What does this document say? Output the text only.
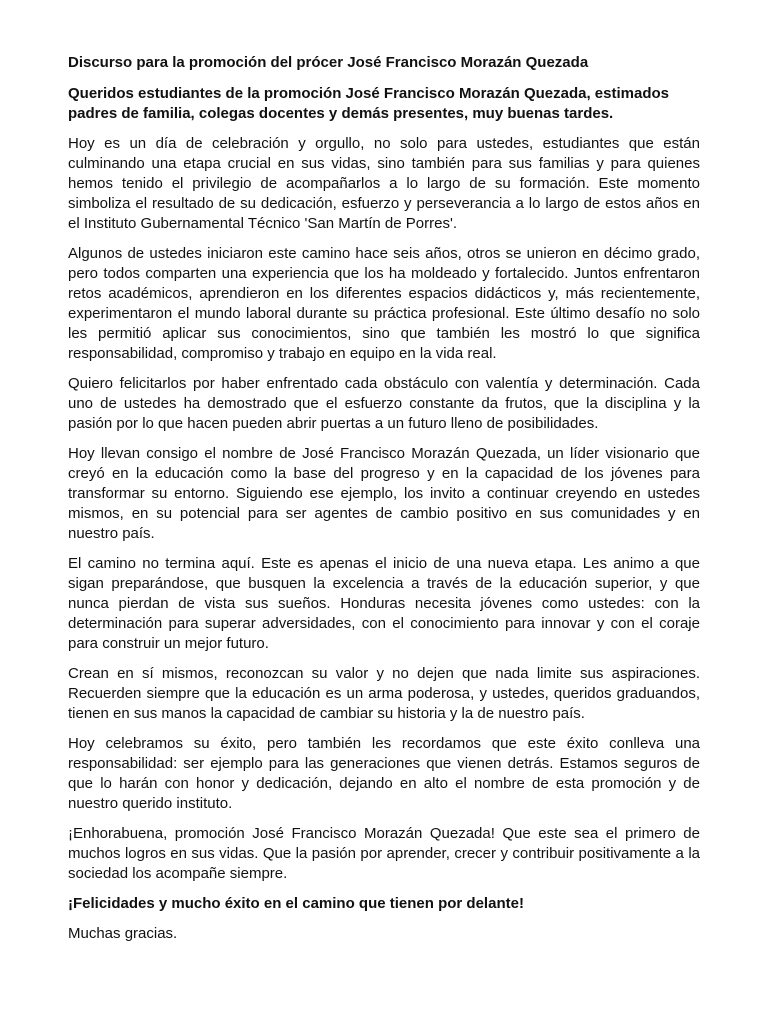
Discurso para la promoción del prócer José Francisco Morazán Quezada

Queridos estudiantes de la promoción José Francisco Morazán Quezada, estimados padres de familia, colegas docentes y demás presentes, muy buenas tardes.

Hoy es un día de celebración y orgullo, no solo para ustedes, estudiantes que están culminando una etapa crucial en sus vidas, sino también para sus familias y para quienes hemos tenido el privilegio de acompañarlos a lo largo de su formación. Este momento simboliza el resultado de su dedicación, esfuerzo y perseverancia a lo largo de estos años en el Instituto Gubernamental Técnico 'San Martín de Porres'.

Algunos de ustedes iniciaron este camino hace seis años, otros se unieron en décimo grado, pero todos comparten una experiencia que los ha moldeado y fortalecido. Juntos enfrentaron retos académicos, aprendieron en los diferentes espacios didácticos y, más recientemente, experimentaron el mundo laboral durante su práctica profesional. Este último desafío no solo les permitió aplicar sus conocimientos, sino que también les mostró lo que significa responsabilidad, compromiso y trabajo en equipo en la vida real.

Quiero felicitarlos por haber enfrentado cada obstáculo con valentía y determinación. Cada uno de ustedes ha demostrado que el esfuerzo constante da frutos, que la disciplina y la pasión por lo que hacen pueden abrir puertas a un futuro lleno de posibilidades.

Hoy llevan consigo el nombre de José Francisco Morazán Quezada, un líder visionario que creyó en la educación como la base del progreso y en la capacidad de los jóvenes para transformar su entorno. Siguiendo ese ejemplo, los invito a continuar creyendo en ustedes mismos, en su potencial para ser agentes de cambio positivo en sus comunidades y en nuestro país.

El camino no termina aquí. Este es apenas el inicio de una nueva etapa. Les animo a que sigan preparándose, que busquen la excelencia a través de la educación superior, y que nunca pierdan de vista sus sueños. Honduras necesita jóvenes como ustedes: con la determinación para superar adversidades, con el conocimiento para innovar y con el coraje para construir un mejor futuro.

Crean en sí mismos, reconozcan su valor y no dejen que nada limite sus aspiraciones. Recuerden siempre que la educación es un arma poderosa, y ustedes, queridos graduandos, tienen en sus manos la capacidad de cambiar su historia y la de nuestro país.

Hoy celebramos su éxito, pero también les recordamos que este éxito conlleva una responsabilidad: ser ejemplo para las generaciones que vienen detrás. Estamos seguros de que lo harán con honor y dedicación, dejando en alto el nombre de esta promoción y de nuestro querido instituto.

¡Enhorabuena, promoción José Francisco Morazán Quezada! Que este sea el primero de muchos logros en sus vidas. Que la pasión por aprender, crecer y contribuir positivamente a la sociedad los acompañe siempre.

¡Felicidades y mucho éxito en el camino que tienen por delante!

Muchas gracias.
